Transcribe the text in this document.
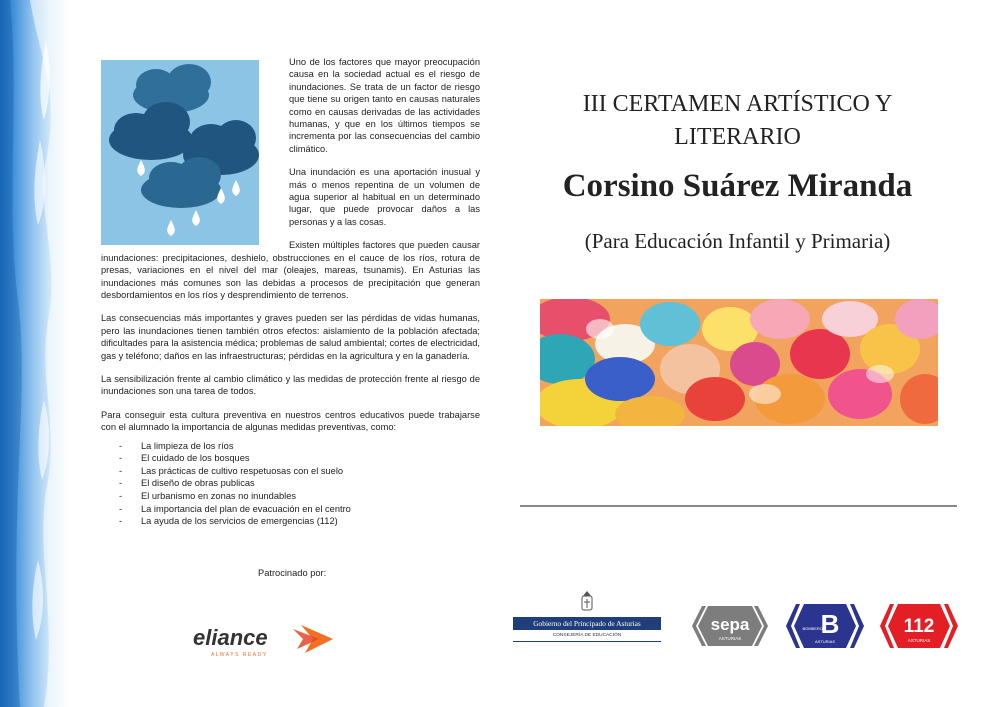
Uno de los factores que mayor preocupación causa en la sociedad actual es el riesgo de inundaciones. Se trata de un factor de riesgo que tiene su origen tanto en causas naturales como en causas derivadas de las actividades humanas, y que en los últimos tiempos se incrementa por las consecuencias del cambio climático.

Una inundación es una aportación inusual y más o menos repentina de un volumen de agua superior al habitual en un determinado lugar, que puede provocar daños a las personas y a las cosas.

Existen múltiples factores que pueden causar inundaciones: precipitaciones, deshielo, obstrucciones en el cauce de los ríos, rotura de presas, variaciones en el nivel del mar (oleajes, mareas, tsunamis). En Asturias las inundaciones más comunes son las debidas a procesos de precipitación que generan desbordamientos en los ríos y desprendimiento de terrenos.

Las consecuencias más importantes y graves pueden ser las pérdidas de vidas humanas, pero las inundaciones tienen también otros efectos: aislamiento de la población afectada; dificultades para la asistencia médica; problemas de salud ambiental; cortes de electricidad, gas y teléfono; daños en las infraestructuras; pérdidas en la agricultura y en la ganadería.

La sensibilización frente al cambio climático y las medidas de protección frente al riesgo de inundaciones son una tarea de todos.

Para conseguir esta cultura preventiva en nuestros centros educativos puede trabajarse con el alumnado la importancia de algunas medidas preventivas, como:

- La limpieza de los ríos
- El cuidado de los bosques
- Las prácticas de cultivo respetuosas con el suelo
- El diseño de obras publicas
- El urbanismo en zonas no inundables
- La importancia del plan de evacuación en el centro
- La ayuda de los servicios de emergencias (112)
Patrocinado por:
eliance
ALWAYS READY
III CERTAMEN ARTÍSTICO Y
LITERARIO
Corsino Suárez Miranda
(Para Educación Infantil y Primaria)
Gobierno del Principado de Asturias
CONSEJERÍA DE EDUCACIÓN
sepa
ASTURIAS	B
BOMBEROS
ASTURIAS
112
ASTURIAS
